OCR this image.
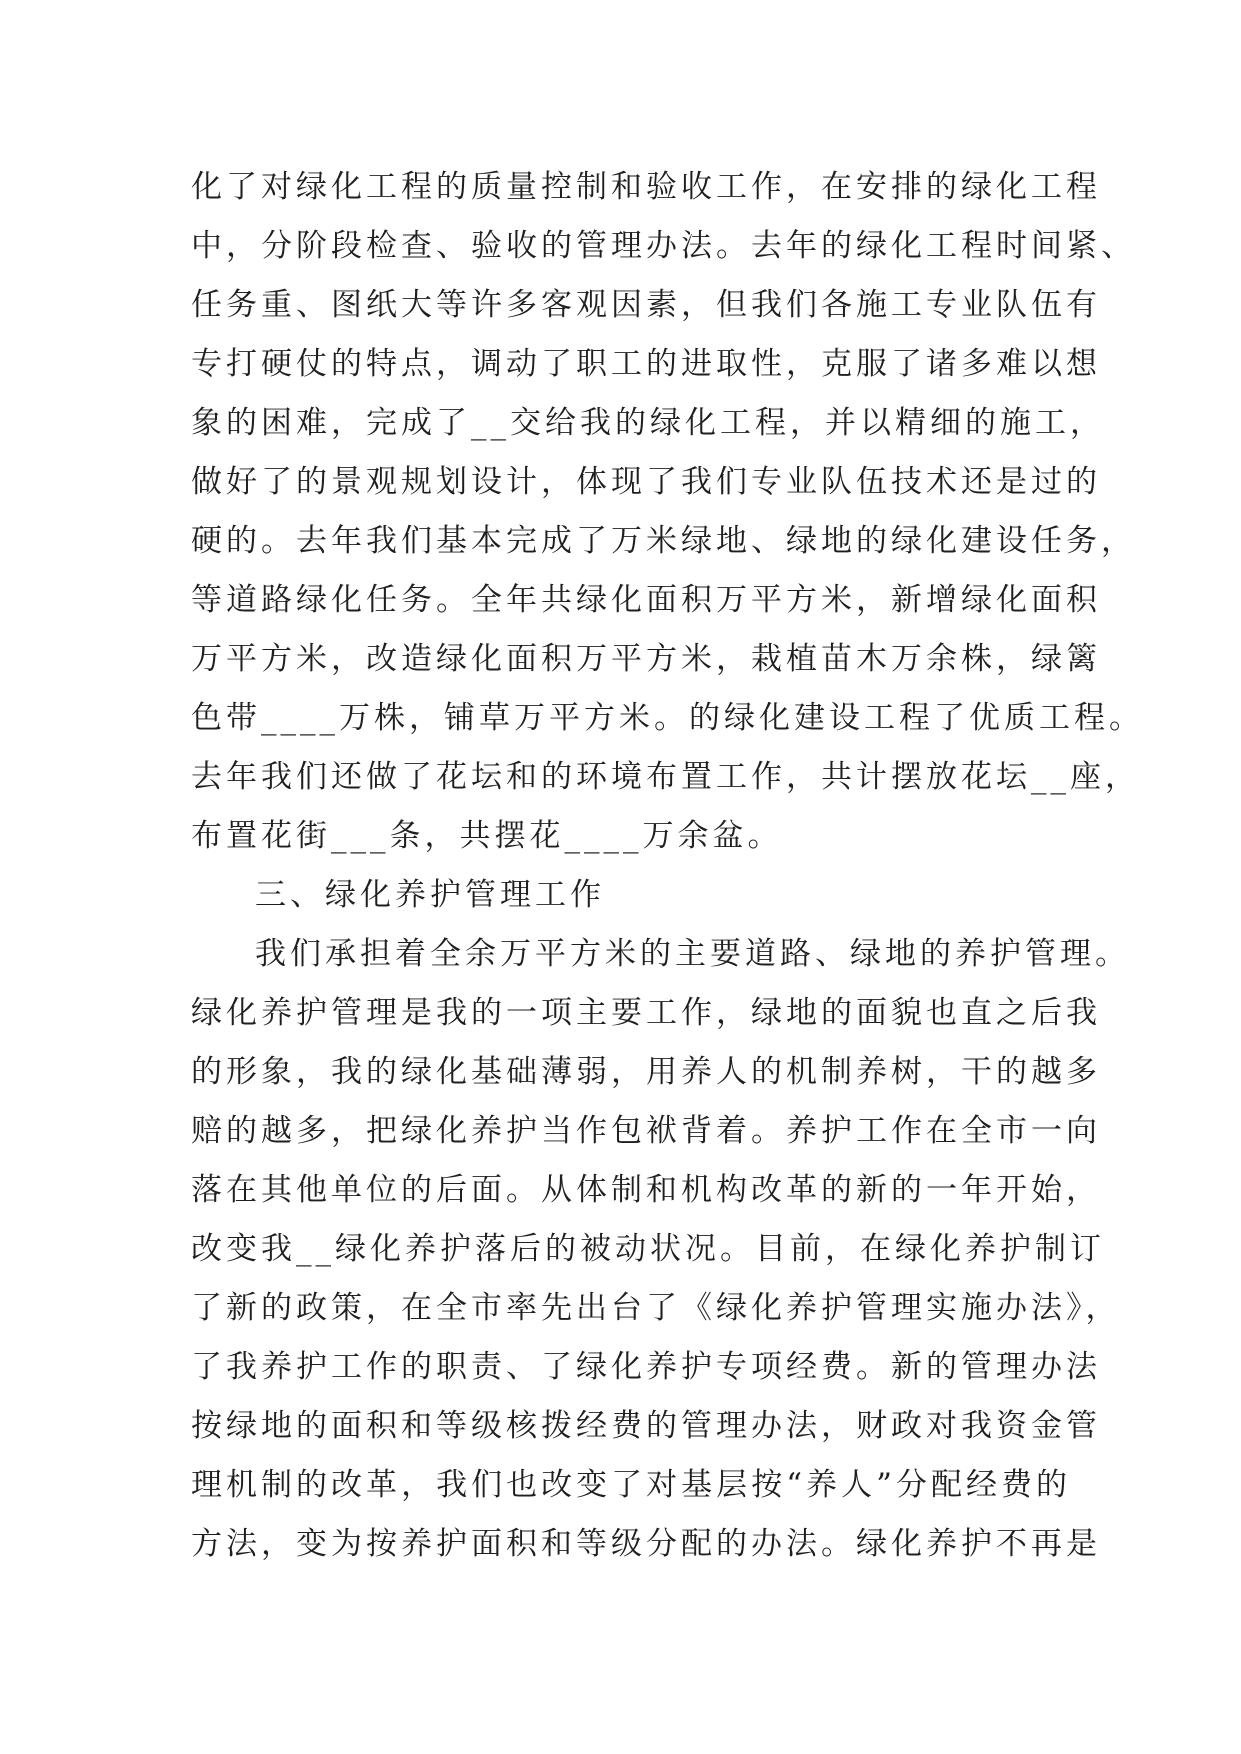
化了对绿化工程的质量控制和验收工作，在安排的绿化工程
中，分阶段检查、验收的管理办法。去年的绿化工程时间紧、
任务重、图纸大等许多客观因素，但我们各施工专业队伍有
专打硬仗的特点，调动了职工的进取性，克服了诸多难以想
象的困难，完成了__交给我的绿化工程，并以精细的施工，
做好了的景观规划设计，体现了我们专业队伍技术还是过的
硬的。去年我们基本完成了万米绿地、绿地的绿化建设任务，
等道路绿化任务。全年共绿化面积万平方米，新增绿化面积
万平方米，改造绿化面积万平方米，栽植苗木万余株，绿篱
色带____万株，铺草万平方米。的绿化建设工程了优质工程。
去年我们还做了花坛和的环境布置工作，共计摆放花坛__座，
布置花街___条，共摆花____万余盆。
三、绿化养护管理工作
我们承担着全余万平方米的主要道路、绿地的养护管理。
绿化养护管理是我的一项主要工作，绿地的面貌也直之后我
的形象，我的绿化基础薄弱，用养人的机制养树，干的越多
赔的越多，把绿化养护当作包袱背着。养护工作在全市一向
落在其他单位的后面。从体制和机构改革的新的一年开始，
改变我__绿化养护落后的被动状况。目前，在绿化养护制订
了新的政策，在全市率先出台了《绿化养护管理实施办法》，
了我养护工作的职责、了绿化养护专项经费。新的管理办法
按绿地的面积和等级核拨经费的管理办法，财政对我资金管
理机制的改革，我们也改变了对基层按“养人”分配经费的
方法，变为按养护面积和等级分配的办法。绿化养护不再是
